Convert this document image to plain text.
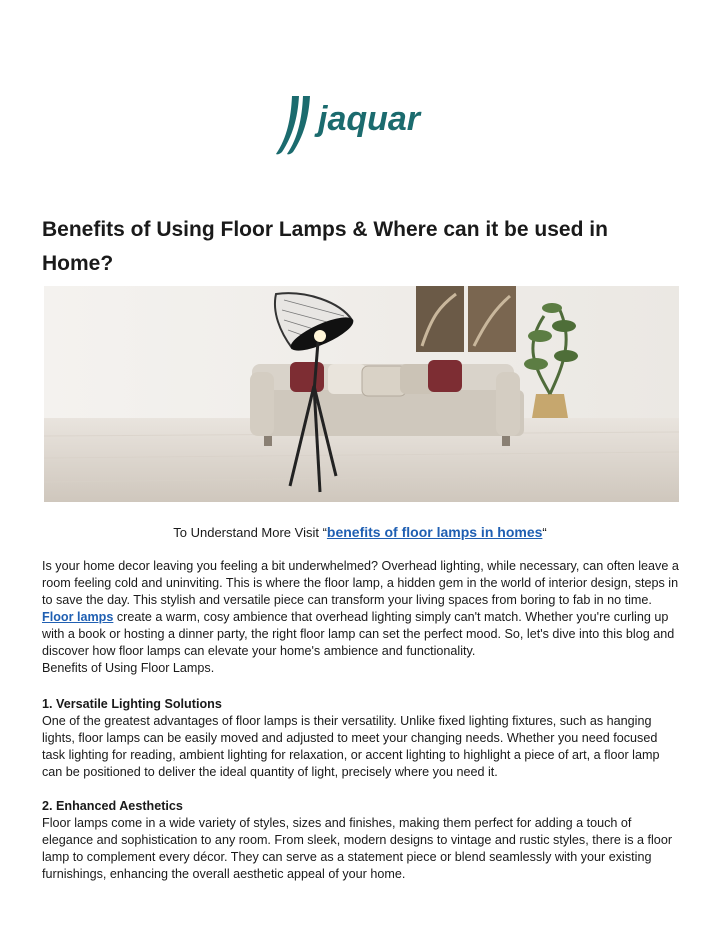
jaquar
Benefits of Using Floor Lamps & Where can it be used in Home?
To Understand More Visit “benefits of floor lamps in homes“

Is your home decor leaving you feeling a bit underwhelmed? Overhead lighting, while necessary, can often leave a room feeling cold and uninviting. This is where the floor lamp, a hidden gem in the world of interior design, steps in to save the day. This stylish and versatile piece can transform your living spaces from boring to fab in no time. Floor lamps create a warm, cosy ambience that overhead lighting simply can't match. Whether you're curling up with a book or hosting a dinner party, the right floor lamp can set the perfect mood. So, let's dive into this blog and discover how floor lamps can elevate your home's ambience and functionality.
Benefits of Using Floor Lamps.

1. Versatile Lighting Solutions
One of the greatest advantages of floor lamps is their versatility. Unlike fixed lighting fixtures, such as hanging lights, floor lamps can be easily moved and adjusted to meet your changing needs. Whether you need focused task lighting for reading, ambient lighting for relaxation, or accent lighting to highlight a piece of art, a floor lamp can be positioned to deliver the ideal quantity of light, precisely where you need it.

2. Enhanced Aesthetics
Floor lamps come in a wide variety of styles, sizes and finishes, making them perfect for adding a touch of elegance and sophistication to any room. From sleek, modern designs to vintage and rustic styles, there is a floor lamp to complement every décor. They can serve as a statement piece or blend seamlessly with your existing furnishings, enhancing the overall aesthetic appeal of your home.
